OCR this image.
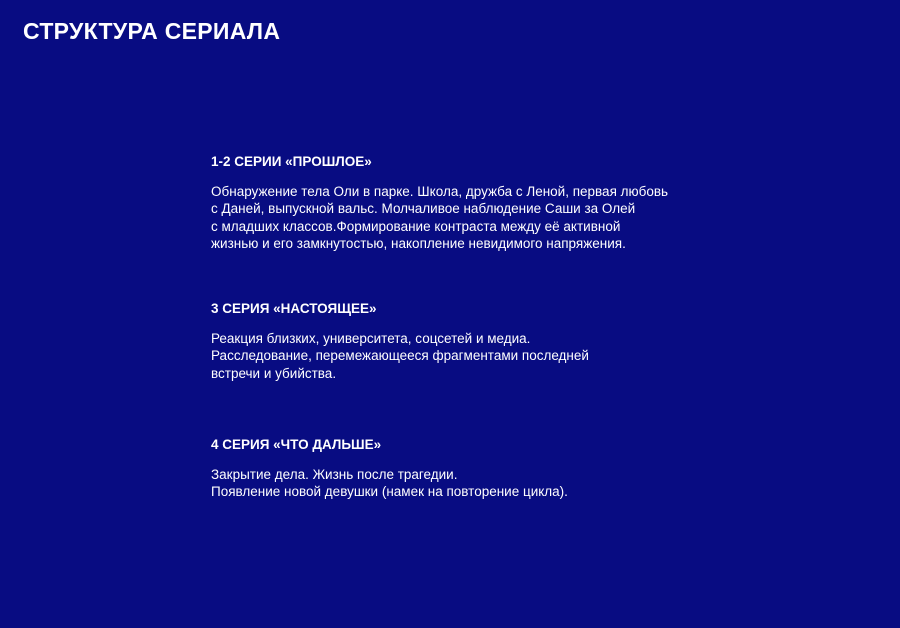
СТРУКТУРА СЕРИАЛА
1-2 СЕРИИ «ПРОШЛОЕ»

Обнаружение тела Оли в парке. Школа, дружба с Леной, первая любовь
с Даней, выпускной вальс. Молчаливое наблюдение Саши за Олей
с младших классов.Формирование контраста между её активной
жизнью и его замкнутостью, накопление невидимого напряжения.

3 СЕРИЯ «НАСТОЯЩЕЕ»

Реакция близких, университета, соцсетей и медиа.
Расследование, перемежающееся фрагментами последней
встречи и убийства.

4 СЕРИЯ «ЧТО ДАЛЬШЕ»

Закрытие дела. Жизнь после трагедии.
Появление новой девушки (намек на повторение цикла).
